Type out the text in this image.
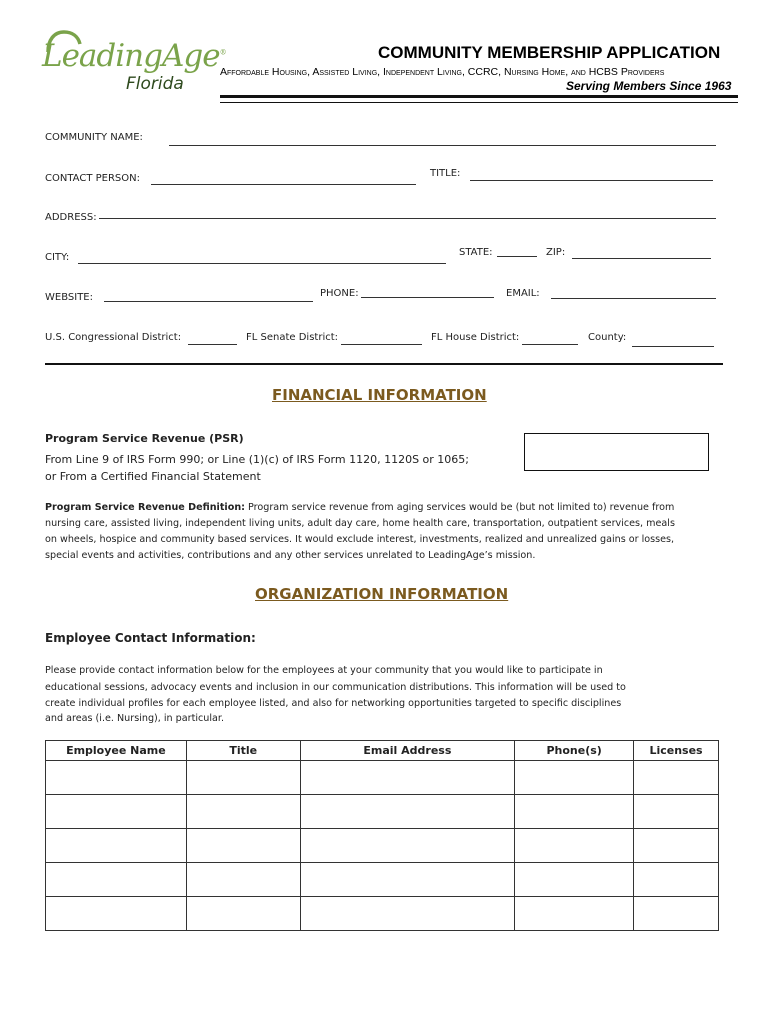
LeadingAge®
Florida
COMMUNITY MEMBERSHIP APPLICATION
Affordable Housing, Assisted Living, Independent Living, CCRC, Nursing Home, and HCBS Providers
Serving Members Since 1963
COMMUNITY NAME:
CONTACT PERSON:	TITLE:
ADDRESS:
CITY:	STATE:	ZIP:
WEBSITE:	PHONE:	EMAIL:
U.S. Congressional District:	FL Senate District:	FL House District:	County:
FINANCIAL INFORMATION
Program Service Revenue (PSR)
From Line 9 of IRS Form 990; or Line (1)(c) of IRS Form 1120, 1120S or 1065;
or From a Certified Financial Statement
Program Service Revenue Definition: Program service revenue from aging services would be (but not limited to) revenue from
nursing care, assisted living, independent living units, adult day care, home health care, transportation, outpatient services, meals
on wheels, hospice and community based services. It would exclude interest, investments, realized and unrealized gains or losses,
special events and activities, contributions and any other services unrelated to LeadingAge’s mission.
ORGANIZATION INFORMATION
Employee Contact Information:
Please provide contact information below for the employees at your community that you would like to participate in
educational sessions, advocacy events and inclusion in our communication distributions. This information will be used to
create individual profiles for each employee listed, and also for networking opportunities targeted to specific disciplines
and areas (i.e. Nursing), in particular.
Employee Name	Title	Email Address	Phone(s)	Licenses
